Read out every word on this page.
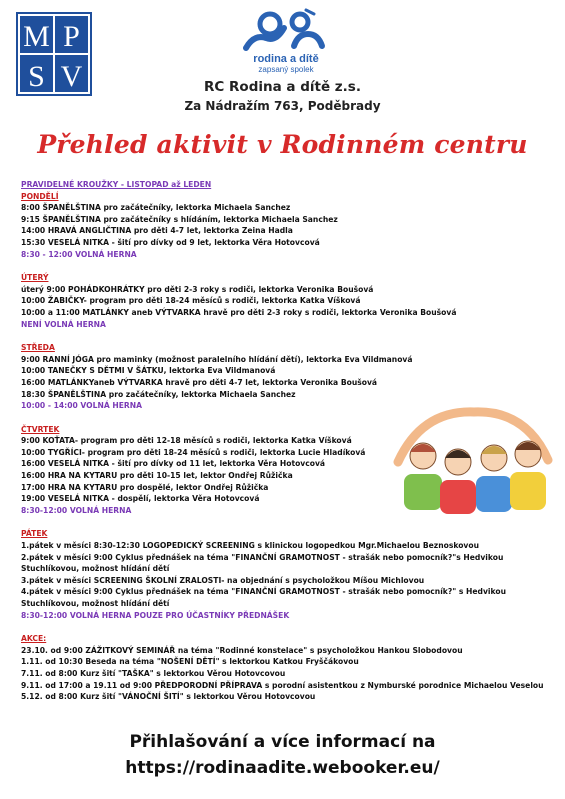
M P
S V
rodina a dítě
zapsaný spolek
RC Rodina a dítě z.s.
Za Nádražím 763, Poděbrady
Přehled aktivit v Rodinném centru

PRAVIDELNÉ KROUŽKY - LISTOPAD až LEDEN

PONDĚLÍ

8:00 ŠPANĚLŠTINA pro začátečníky, lektorka Michaela Sanchez

9:15 ŠPANĚLŠTINA pro začátečníky s hlídáním, lektorka Michaela Sanchez

14:00 HRAVÁ ANGLIČTINA pro děti 4-7 let, lektorka Zeina Hadla

15:30 VESELÁ NITKA - šití pro dívky od 9 let, lektorka Věra Hotovcová

8:30 - 12:00 VOLNÁ HERNA

ÚTERÝ

úterý 9:00 POHÁDKOHRÁTKY pro děti 2-3 roky s rodiči, lektorka Veronika Boušová

10:00 ŽABIČKY- program pro děti 18-24 měsíců s rodiči, lektorka Katka Víšková

10:00 a 11:00 MATLÁNKY aneb VÝTVARKA hravě pro děti 2-3 roky s rodiči, lektorka Veronika Boušová

NENÍ VOLNÁ HERNA

STŘEDA

9:00 RANNÍ JÓGA pro maminky (možnost paralelního hlídání dětí), lektorka Eva Vildmanová

10:00 TANEČKY S DĚTMI V ŠÁTKU, lektorka Eva Vildmanová

16:00 MATLÁNKYaneb VÝTVARKA hravě pro děti 4-7 let, lektorka Veronika Boušová

18:30 ŠPANĚLŠTINA pro začátečníky, lektorka Michaela Sanchez

10:00 - 14:00 VOLNÁ HERNA

ČTVRTEK

9:00 KOŤATA- program pro děti 12-18 měsíců s rodiči, lektorka Katka Víšková

10:00 TYGŘÍCI- program pro děti 18-24 měsíců s rodiči, lektorka Lucie Hladíková

16:00 VESELÁ NITKA - šití pro dívky od 11 let, lektorka Věra Hotovcová

16:00 HRA NA KYTARU pro děti 10-15 let, lektor Ondřej Růžička

17:00 HRA NA KYTARU pro dospělé, lektor Ondřej Růžička

19:00 VESELÁ NITKA - dospělí, lektorka Věra Hotovcová

8:30-12:00 VOLNÁ HERNA

PÁTEK

1.pátek v měsíci 8:30-12:30 LOGOPEDICKÝ SCREENING s klinickou logopedkou Mgr.Michaelou Beznoskovou

2.pátek v měsíci 9:00 Cyklus přednášek na téma "FINANČNÍ GRAMOTNOST - strašák nebo pomocník?"s Hedvikou Stuchlíkovou, možnost hlídání dětí

3.pátek v měsíci SCREENING ŠKOLNÍ ZRALOSTI- na objednání s psycholožkou Míšou Michlovou

4.pátek v měsíci 9:00 Cyklus přednášek na téma "FINANČNÍ GRAMOTNOST - strašák nebo pomocník?" s Hedvikou Stuchlíkovou, možnost hlídání dětí

8:30-12:00 VOLNÁ HERNA POUZE PRO ÚČASTNÍKY PŘEDNÁŠEK

AKCE:

23.10. od 9:00 ZÁŽITKOVÝ SEMINÁŘ na téma "Rodinné konstelace" s psycholožkou Hankou Slobodovou

1.11. od 10:30 Beseda na téma "NOŠENÍ DĚTÍ" s lektorkou Katkou Fryščákovou

7.11. od 8:00 Kurz šití "TAŠKA" s lektorkou Věrou Hotovcovou

9.11. od 17:00 a 19.11 od 9:00 PŘEDPORODNÍ PŘÍPRAVA s porodní asistentkou z Nymburské porodnice Michaelou Veselou

5.12. od 8:00 Kurz šití "VÁNOČNÍ ŠITÍ" s lektorkou Věrou Hotovcovou

Přihlašování a více informací na
https://rodinaadite.webooker.eu/
